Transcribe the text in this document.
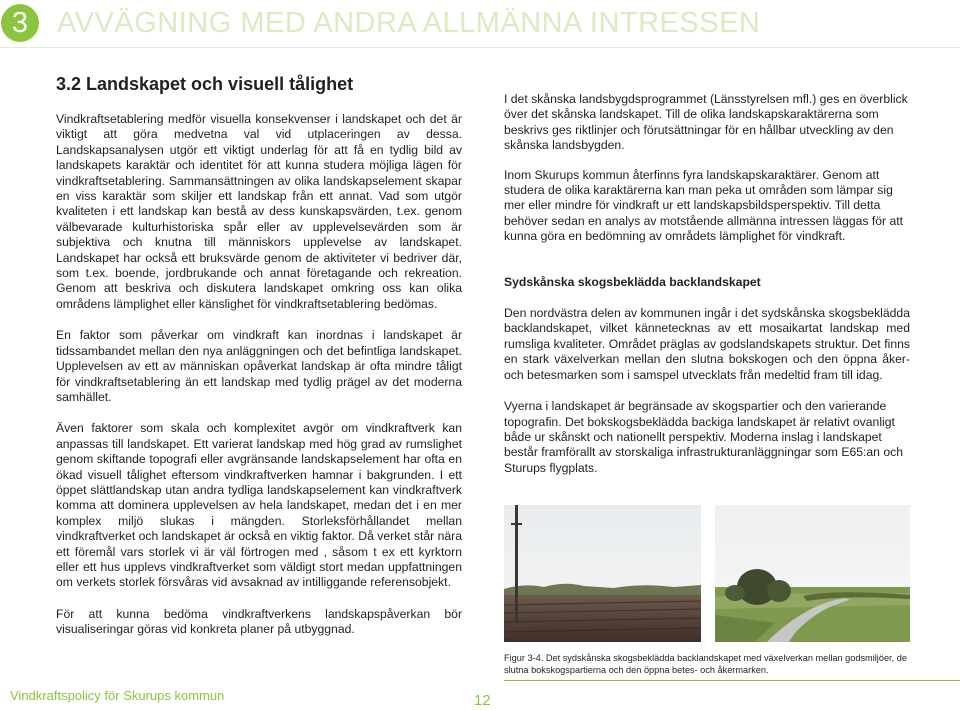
3 AVVÄGNING MED ANDRA ALLMÄNNA INTRESSEN
3.2 Landskapet och visuell tålighet

Vindkraftsetablering medför visuella konsekvenser i landskapet och det är viktigt att göra medvetna val vid utplaceringen av dessa. Landskapsanalysen utgör ett viktigt underlag för att få en tydlig bild av landskapets karaktär och identitet för att kunna studera möjliga lägen för vindkraftsetablering. Sammansättningen av olika landskapselement skapar en viss karaktär som skiljer ett landskap från ett annat. Vad som utgör kvaliteten i ett landskap kan bestå av dess kunskapsvärden, t.ex. genom välbevarade kulturhistoriska spår eller av upplevelsevärden som är subjektiva och knutna till människors upplevelse av landskapet. Landskapet har också ett bruksvärde genom de aktiviteter vi bedriver där, som t.ex. boende, jordbrukande och annat företagande och rekreation. Genom att beskriva och diskutera landskapet omkring oss kan olika områdens lämplighet eller känslighet för vindkraftsetablering bedömas.

En faktor som påverkar om vindkraft kan inordnas i landskapet är tidssambandet mellan den nya anläggningen och det befintliga landskapet. Upplevelsen av ett av människan opåverkat landskap är ofta mindre tåligt för vindkraftsetablering än ett landskap med tydlig prägel av det moderna samhället.

Även faktorer som skala och komplexitet avgör om vindkraftverk kan anpassas till landskapet. Ett varierat landskap med hög grad av rumslighet genom skiftande topografi eller avgränsande landskapselement har ofta en ökad visuell tålighet eftersom vindkraftverken hamnar i bakgrunden. I ett öppet slättlandskap utan andra tydliga landskapselement kan vindkraftverk komma att dominera upplevelsen av hela landskapet, medan det i en mer komplex miljö slukas i mängden. Storleksförhållandet mellan vindkraftverket och landskapet är också en viktig faktor. Då verket står nära ett föremål vars storlek vi är väl förtrogen med , såsom t ex ett kyrktorn eller ett hus upplevs vindkraftverket som väldigt stort medan uppfattningen om verkets storlek försvåras vid avsaknad av intilliggande referensobjekt.

För att kunna bedöma vindkraftverkens landskapspåverkan bör visualiseringar göras vid konkreta planer på utbyggnad.

I det skånska landsbygdsprogrammet (Länsstyrelsen mfl.) ges en överblick över det skånska landskapet. Till de olika landskapskaraktärerna som beskrivs ges riktlinjer och förutsättningar för en hållbar utveckling av den skånska landsbygden.

Inom Skurups kommun återfinns fyra landskapskaraktärer. Genom att studera de olika karaktärerna kan man peka ut områden som lämpar sig mer eller mindre för vindkraft ur ett landskapsbildsperspektiv. Till detta behöver sedan en analys av motstående allmänna intressen läggas för att kunna göra en bedömning av områdets lämplighet för vindkraft.

Sydskånska skogsbeklädda backlandskapet

Den nordvästra delen av kommunen ingår i det sydskånska skogsbeklädda backlandskapet, vilket kännetecknas av ett mosaikartat landskap med rumsliga kvaliteter. Området präglas av godslandskapets struktur. Det finns en stark växelverkan mellan den slutna bokskogen och den öppna åker- och betesmarken som i samspel utvecklats från medeltid fram till idag.

Vyerna i landskapet är begränsade av skogspartier och den varierande topografin. Det bokskogsbeklädda backiga landskapet är relativt ovanligt både ur skånskt och nationellt perspektiv. Moderna inslag i landskapet består framförallt av storskaliga infrastrukturanläggningar som E65:an och Sturups flygplats.

Figur 3-4. Det sydskånska skogsbeklädda backlandskapet med växelverkan mellan godsmiljöer, de slutna bokskogspartierna och den öppna betes- och åkermarken.

Vindkraftspolicy för Skurups kommun	12
